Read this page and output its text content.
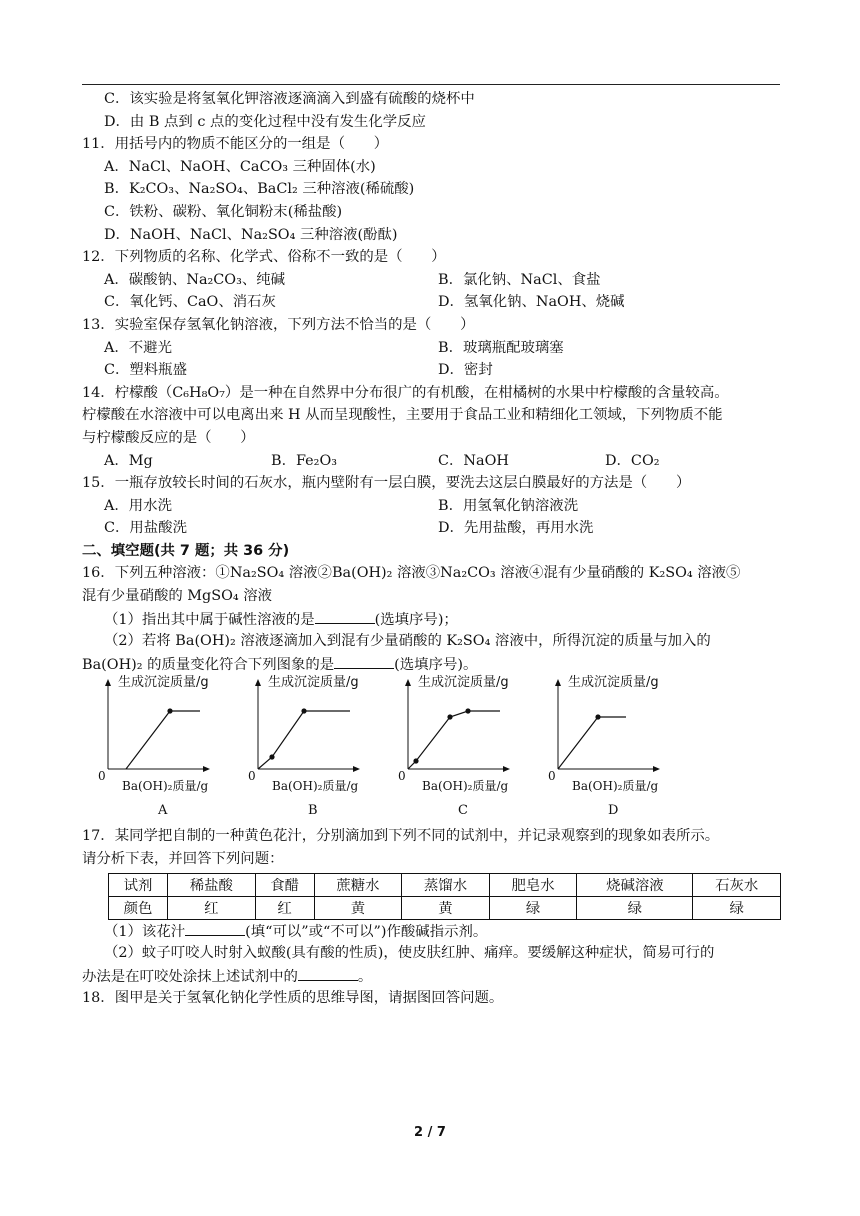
C．该实验是将氢氧化钾溶液逐滴滴入到盛有硫酸的烧杯中
D．由 B 点到 c 点的变化过程中没有发生化学反应
11．用括号内的物质不能区分的一组是（　　）
A．NaCl、NaOH、CaCO₃ 三种固体(水)
B．K₂CO₃、Na₂SO₄、BaCl₂ 三种溶液(稀硫酸)
C．铁粉、碳粉、氧化铜粉末(稀盐酸)
D．NaOH、NaCl、Na₂SO₄ 三种溶液(酚酞)
12．下列物质的名称、化学式、俗称不一致的是（　　）
A．碳酸钠、Na₂CO₃、纯碱	B．氯化钠、NaCl、食盐
C．氧化钙、CaO、消石灰	D．氢氧化钠、NaOH、烧碱
13．实验室保存氢氧化钠溶液，下列方法不恰当的是（　　）
A．不避光	B．玻璃瓶配玻璃塞
C．塑料瓶盛	D．密封
14．柠檬酸（C₆H₈O₇）是一种在自然界中分布很广的有机酸，在柑橘树的水果中柠檬酸的含量较高。
柠檬酸在水溶液中可以电离出来 H 从而呈现酸性，主要用于食品工业和精细化工领域，下列物质不能
与柠檬酸反应的是（　　）
A．Mg	B．Fe₂O₃	C．NaOH	D．CO₂
15．一瓶存放较长时间的石灰水，瓶内壁附有一层白膜，要洗去这层白膜最好的方法是（　　）
A．用水洗	B．用氢氧化钠溶液洗
C．用盐酸洗	D．先用盐酸，再用水洗
二、填空题(共 7 题；共 36 分)
16．下列五种溶液：①Na₂SO₄ 溶液②Ba(OH)₂ 溶液③Na₂CO₃ 溶液④混有少量硝酸的 K₂SO₄ 溶液⑤
混有少量硝酸的 MgSO₄ 溶液
（1）指出其中属于碱性溶液的是	(选填序号)；
（2）若将 Ba(OH)₂ 溶液逐滴加入到混有少量硝酸的 K₂SO₄ 溶液中，所得沉淀的质量与加入的
Ba(OH)₂ 的质量变化符合下列图象的是	(选填序号)。
生成沉淀质量/g
0
Ba(OH)₂质量/g
A
生成沉淀质量/g
0
Ba(OH)₂质量/g
B
生成沉淀质量/g
0
Ba(OH)₂质量/g
C
生成沉淀质量/g
0
Ba(OH)₂质量/g
D
17．某同学把自制的一种黄色花汁，分别滴加到下列不同的试剂中，并记录观察到的现象如表所示。
请分析下表，并回答下列问题：
试剂	稀盐酸	食醋	蔗糖水	蒸馏水	肥皂水	烧碱溶液	石灰水
颜色	红	红	黄	黄	绿	绿	绿
（1）该花汁	(填“可以”或“不可以”)作酸碱指示剂。
（2）蚊子叮咬人时射入蚁酸(具有酸的性质)，使皮肤红肿、痛痒。要缓解这种症状，简易可行的
办法是在叮咬处涂抹上述试剂中的	。
18．图甲是关于氢氧化钠化学性质的思维导图，请据图回答问题。
2 / 7
